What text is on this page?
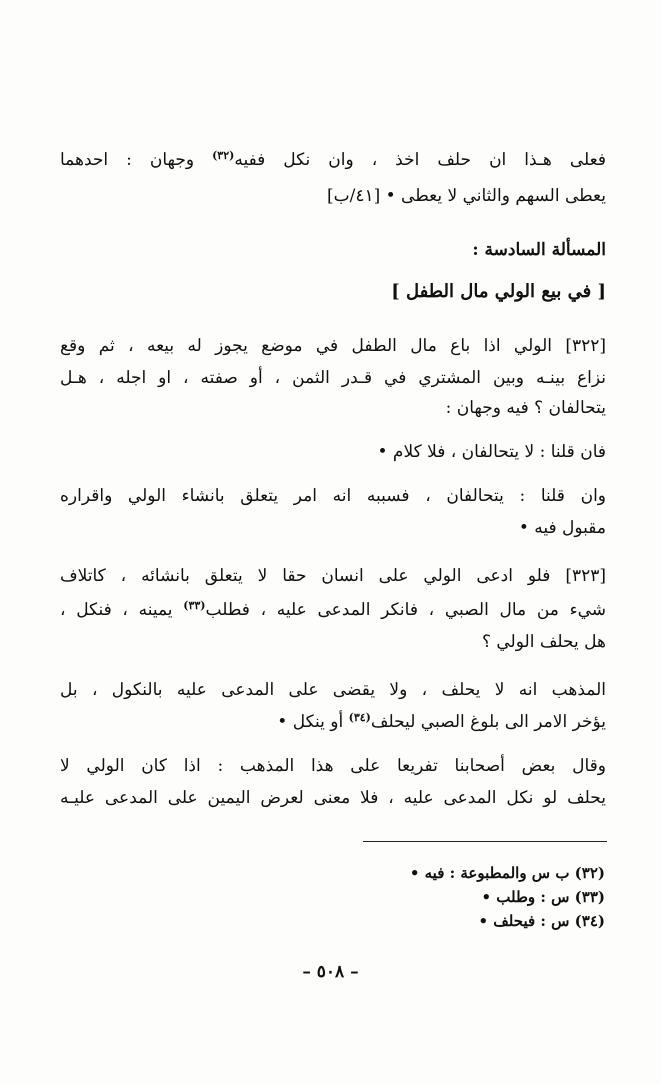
فعلى هـذا ان حلف اخذ ، وان نكل ففيه$^{(٣٢)}$ وجهان : احدهما
يعطى السهم والثاني لا يعطى • [٤١/ب]
المسألة السادسة :
[ في بيع الولي مال الطفل ]
[٣٢٢] الولي اذا باع مال الطفل في موضع يجوز له بيعه ، ثم وقع
نزاع بينـه وبين المشتري في قـدر الثمن ، أو صفته ، او اجله ، هـل
يتحالفان ؟ فيه وجهان :
فان قلنا : لا يتحالفان ، فلا كلام •
وان قلنا : يتحالفان ، فسببه انه امر يتعلق بانشاء الولي واقراره
مقبول فيه •
[٣٢٣] فلو ادعى الولي على انسان حقا لا يتعلق بانشائه ، كاتلاف
شيء من مال الصبي ، فانكر المدعى عليه ، فطلب$^{(٣٣)}$ يمينه ، فنكل ،
هل يحلف الولي ؟
المذهب انه لا يحلف ، ولا يقضى على المدعى عليه بالنكول ، بل
يؤخر الامر الى بلوغ الصبي ليحلف$^{(٣٤)}$ أو ينكل •
وقال بعض أصحابنا تفريعا على هذا المذهب : اذا كان الولي لا
يحلف لو نكل المدعى عليه ، فلا معنى لعرض اليمين على المدعى عليـه
(٣٢) ب س والمطبوعة : فيه •
(٣٣) س : وطلب •
(٣٤) س : فيحلف •
– ٥٠٨ –
